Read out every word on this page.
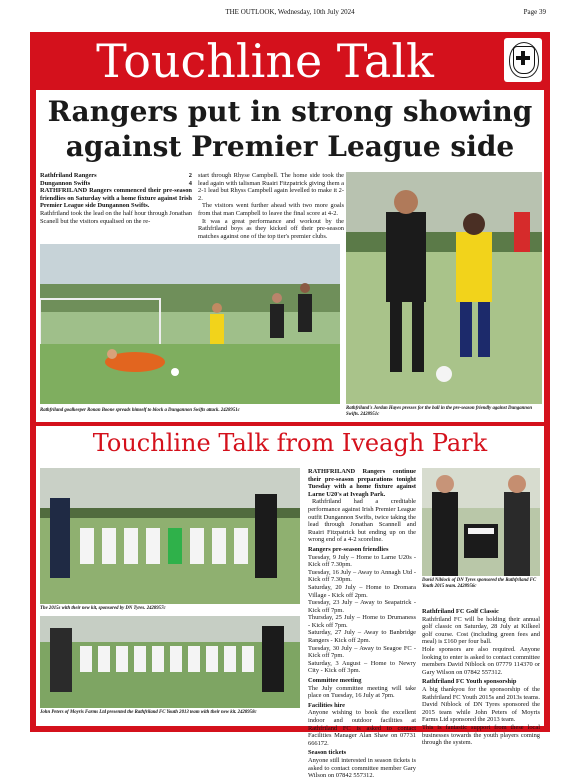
THE OUTLOOK, Wednesday, 10th July 2024	Page 39
Touchline Talk
Rangers put in strong showing against Premier League side
Rathfriland Rangers	2
Dungannon Swifts	4

RATHFRILAND Rangers commenced their pre-season friendlies on Saturday with a home fixture against Irish Premier League side Dungannon Swifts.

Rathfriland took the lead on the half hour through Jonathan Scanell but the visitors equalised on the re-

start through Rhyse Campbell. The home side took the lead again with talisman Ruairi Fitzpatrick giving them a 2-1 lead but Rhyss Campbell again levelled to make it 2-2.

The visitors went further ahead with two more goals from that man Campbell to leave the final score at 4-2.

It was a great performance and workout by the Rathfriland boys as they kicked off their pre-season matches against one of the top tier's premier clubs.

Rathfriland goalkeeper Ronan Boone spreads himself to block a Dungannon Swifts attack. 2428951c	Rathfriland's Jordan Hayes presses for the ball in the pre-season friendly against Dungannon Swifts. 2428951c
Touchline Talk from Iveagh Park
The 2015s with their new kit, sponsored by DN Tyres. 2428957c
John Peters of Moyris Farms Ltd presented the Rathfriland FC Youth 2013 team with their new kit. 2428958c

RATHFRILAND Rangers continue their pre-season preparations tonight Tuesday with a home fixture against Larne U20's at Iveagh Park.

Rathfriland had a creditable performance against Irish Premier League outfit Dungannon Swifts, twice taking the lead through Jonathan Scannell and Ruairi Fitzpatrick but ending up on the wrong end of a 4-2 scoreline.

Rangers pre-season friendlies

Tuesday, 9 July – Home to Larne U20s - Kick off 7.30pm.

Tuesday, 16 July – Away to Annagh Utd - Kick off 7.30pm.

Saturday, 20 July – Home to Dromara Village - Kick off 2pm.

Tuesday, 23 July – Away to Seapatrick - Kick off 7pm.

Thursday, 25 July – Home to Drumaness - Kick off 7pm.

Saturday, 27 July – Away to Banbridge Rangers - Kick off 2pm.

Tuesday, 30 July – Away to Seagoe FC - Kick off 7pm.

Saturday, 3 August – Home to Newry City - Kick off 3pm.

Committee meeting

The July committee meeting will take place on Tuesday, 16 July at 7pm.

Facilities hire

Anyone wishing to book the excellent indoor and outdoor facilities at Rathfriland FC is asked to contact Facilities Manager Alan Shaw on 07731 666172.

Season tickets

Anyone still interested in season tickets is asked to contact committee member Gary Wilson on 07842 557312.

David Niblock of DN Tyres sponsored the Rathfriland FC Youth 2015 team. 2428956c

Rathfriland FC Golf Classic

Rathfriland FC will be holding their annual golf classic on Saturday, 28 July at Kilkeel golf course. Cost (including green fees and meal) is £160 per four ball.

Hole sponsors are also required. Anyone looking to enter is asked to contact committee members David Niblock on 07779 114370 or Gary Wilson on 07842 557312.

Rathfriland FC Youth sponsorship

A big thankyou for the sponsorship of the Rathfriland FC Youth 2015s and 2013s teams. David Niblock of DN Tyres sponsored the 2015 team while John Peters of Moyris Farms Ltd sponsored the 2013 team.

This is fantastic support from these local businesses towards the youth players coming through the system.
